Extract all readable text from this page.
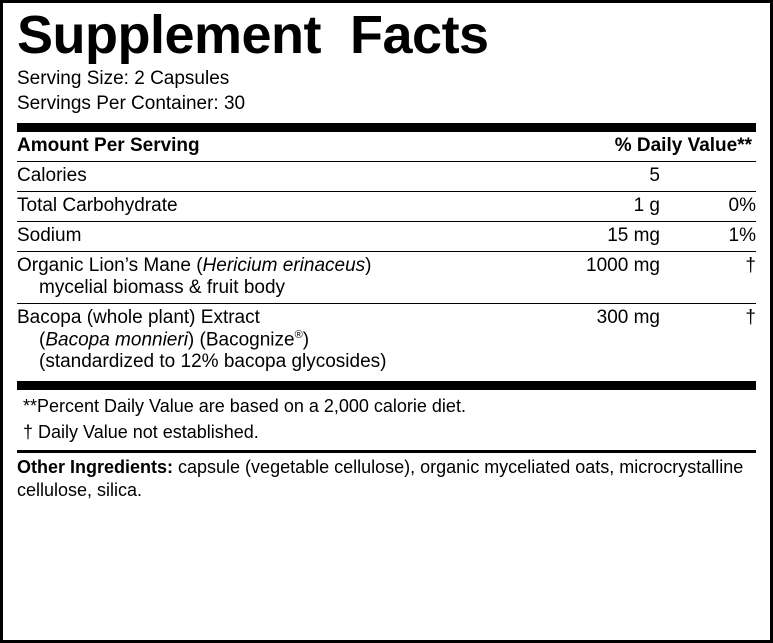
Supplement  Facts
Serving Size: 2 Capsules
Servings Per Container: 30
Amount Per Serving	% Daily Value**	
Calories	5	
Total Carbohydrate	1 g	0%
Sodium	15 mg	1%
Organic Lion’s Mane (Hericium erinaceus)
mycelial biomass & fruit body	1000 mg	†
Bacopa (whole plant) Extract
(Bacopa monnieri) (Bacognize®)
(standardized to 12% bacopa glycosides)	300 mg	†
**Percent Daily Value are based on a 2,000 calorie diet.
† Daily Value not established.
Other Ingredients: capsule (vegetable cellulose), organic myceliated oats, microcrystalline cellulose, silica.
